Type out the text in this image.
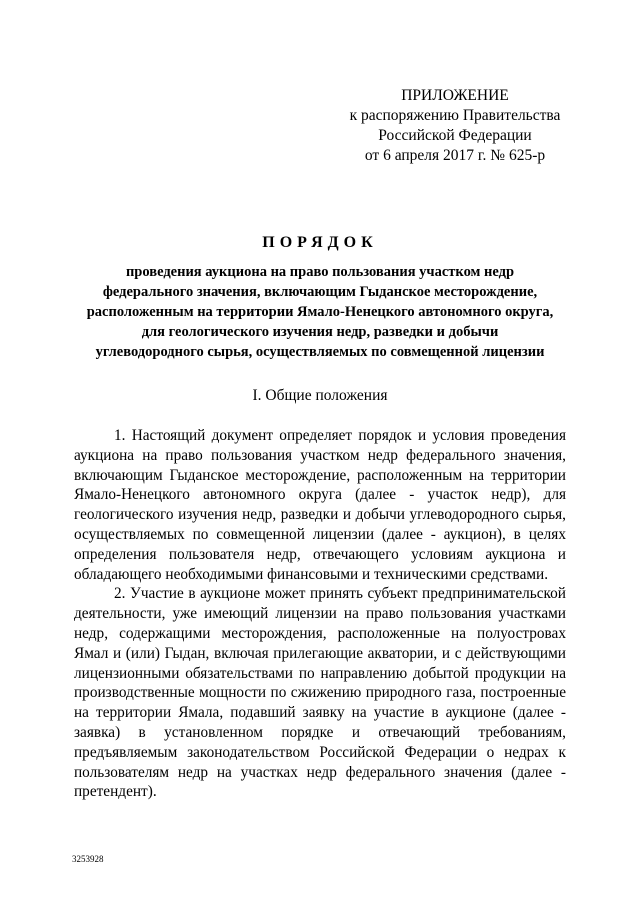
ПРИЛОЖЕНИЕ
к распоряжению Правительства
Российской Федерации
от 6 апреля 2017 г. № 625-р
ПОРЯДОК
проведения аукциона на право пользования участком недр
федерального значения, включающим Гыданское месторождение,
расположенным на территории Ямало-Ненецкого автономного округа,
для геологического изучения недр, разведки и добычи
углеводородного сырья, осуществляемых по совмещенной лицензии
I. Общие положения

1. Настоящий документ определяет порядок и условия проведения аукциона на право пользования участком недр федерального значения, включающим Гыданское месторождение, расположенным на территории Ямало-Ненецкого автономного округа (далее - участок недр), для геологического изучения недр, разведки и добычи углеводородного сырья, осуществляемых по совмещенной лицензии (далее - аукцион), в целях определения пользователя недр, отвечающего условиям аукциона и обладающего необходимыми финансовыми и техническими средствами.

2. Участие в аукционе может принять субъект предпринимательской деятельности, уже имеющий лицензии на право пользования участками недр, содержащими месторождения, расположенные на полуостровах Ямал и (или) Гыдан, включая прилегающие акватории, и с действующими лицензионными обязательствами по направлению добытой продукции на производственные мощности по сжижению природного газа, построенные на территории Ямала, подавший заявку на участие в аукционе (далее - заявка) в установленном порядке и отвечающий требованиям, предъявляемым законодательством Российской Федерации о недрах к пользователям недр на участках недр федерального значения (далее - претендент).

3253928
